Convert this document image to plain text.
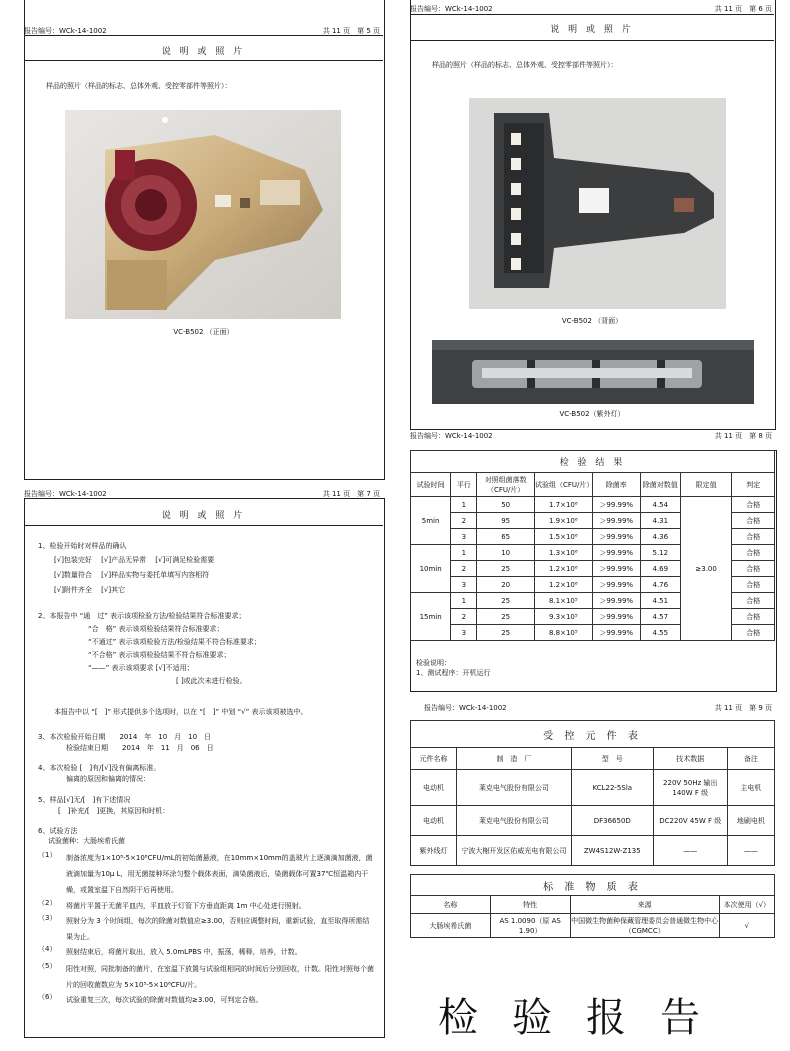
报告编号：WCk-14-1002	共 11 页　 第 5 页
说 明 或 照 片
样品的照片（样品的标志、总体外观、受控零部件等照片）：
VC-B502 （正面）
报告编号：WCk-14-1002	共 11 页　 第 6 页
说 明 或 照 片
样品的照片（样品的标志、总体外观、受控零部件等照片）：
VC-B502 （背面）
VC-B502（紫外灯）
报告编号：WCk-14-1002	共 11 页　 第 7 页
说 明 或 照 片
1、检验开始时对样品的确认
[√]包装完好　 [√]产品无异常　 [√]可满足检验需要
[√]数量符合　 [√]样品实物与委托单填写内容相符
[√]附件齐全　 [√]其它
2、本报告中 “通　过” 表示该项检验方法/检验结果符合标准要求；
“合　格” 表示该项检验结果符合标准要求；
“不通过” 表示该项检验方法/检验结果不符合标准要求；
“不合格” 表示该项检验结果不符合标准要求；
“——” 表示该项要求 [√]不适用；
[ ]或此次未进行检验。
本报告中以 “[　]” 形式提供多个选项时，以在 “[　]” 中划 “√” 表示该项被选中。
3、本次检验开始日期　　2014　年　10　月　10　日
检验结束日期　　2014　年　11　月　06　日
4、本次检验 [　]有/[√]没有偏离标准。
偏离的原因和偏离的情况：
5、样品[√]无/[　]有下述情况
[　]补充/[　]更换，其原因和时机：
6、试验方法
试验菌种：大肠埃希氏菌
（1） 制备浓度为1×10⁸-5×10⁸CFU/mL的初始菌悬液，在10mm×10mm的盖玻片上逐滴滴加菌液，菌液滴加量为10μ L，用无菌接种环涂匀整个载体表面，滴染菌液后，染菌载体可置37℃恒温箱内干燥，或置室温下自然阴干后再使用。
（2） 将菌片平置于无菌平皿内，平皿放于灯管下方垂直距离 1m 中心处进行照射。
（3） 照射分为 3 个时间组，每次的除菌对数值应≥3.00，否则应调整时间，重新试验，直至取得所需结果为止。
（4） 照射结束后，将菌片取出，放入 5.0mLPBS 中，振荡，稀释，培养，计数。
（5） 阳性对照，同批制备的菌片，在室温下放置与试验组相同的时间后分别回收，计数。阳性对照每个菌片的回收菌数应为 5×10⁵-5×10⁶CFU/片。
（6） 试验重复三次，每次试验的除菌对数值均≥3.00，可判定合格。
报告编号：WCk-14-1002	共 11 页　 第 8 页
检 验 结 果							
试验时间	平行	对照组菌落数（CFU/片）	试验组（CFU/片）	除菌率	除菌对数值	限定值	判定
5min	1	50	1.7×10⁶	＞99.99%	4.54	≥3.00	合格
	2	95	1.9×10⁶	＞99.99%	4.31		合格
	3	65	1.5×10⁶	＞99.99%	4.36		合格
10min	1	10	1.3×10⁶	＞99.99%	5.12		合格
	2	25	1.2×10⁶	＞99.99%	4.69		合格
	3	20	1.2×10⁶	＞99.99%	4.76		合格
15min	1	25	8.1×10⁵	＞99.99%	4.51		合格
	2	25	9.3×10⁵	＞99.99%	4.57		合格
	3	25	8.8×10⁵	＞99.99%	4.55		合格
检验说明：
1、测试程序：开机运行
报告编号：WCk-14-1002	共 11 页　 第 9 页
受 控 元 件 表				
元件名称	制　造　厂	型　号	技术数据	备注
电动机	莱克电气股份有限公司	KCL22-5Sla	220V 50Hz 输出 140W F 级	主电机
电动机	莱克电气股份有限公司	DF36650D	DC220V 45W F 级	地刷电机
紫外线灯	宁波大榭开发区佑威光电有限公司	ZW4S12W-Z135	——	——
标 准 物 质 表			
名称	特性	来源	本次使用（√）
大肠埃希氏菌	AS 1.0090（原 AS 1.90）	中国微生物菌种保藏管理委员会普通微生物中心（CGMCC）	√
检验报告
